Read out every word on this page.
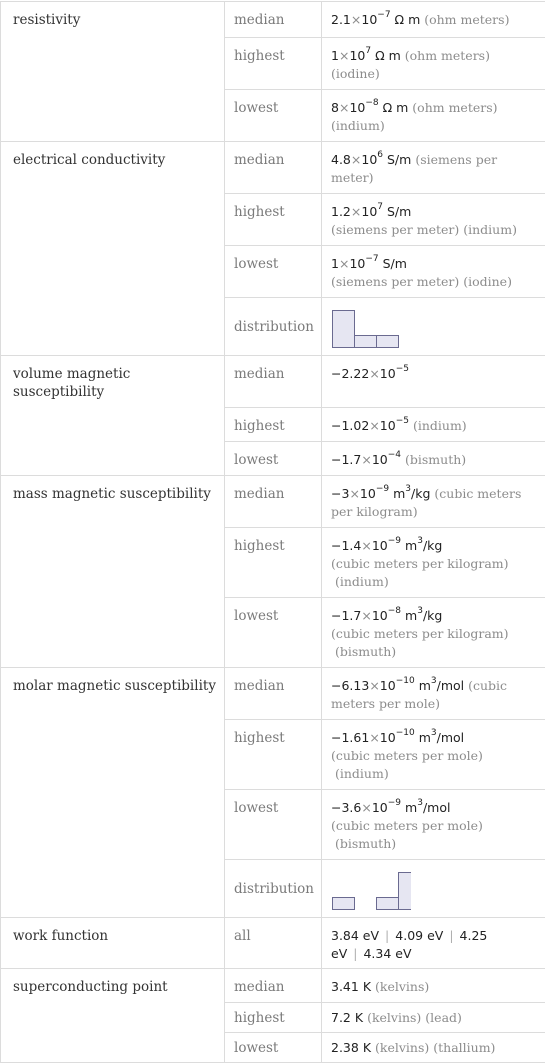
resistivity	median	$2.1\times 10^{-7}$ Ω m (ohm meters)
	highest	$1\times 10^7$ Ω m (ohm meters) (iodine)
	lowest	$8\times 10^{-8}$ Ω m (ohm meters) (indium)
electrical conductivity	median	$4.8\times 10^6$ S/m (siemens per meter)
	highest	$1.2\times 10^7$ S/m
(siemens per meter) (indium)
	lowest	$1\times 10^{-7}$ S/m
(siemens per meter) (iodine)
	distribution	

volume magnetic susceptibility	median	$-2.22\times 10^{-5}$
	highest	$-1.02\times 10^{-5}$ (indium)
	lowest	$-1.7\times 10^{-4}$ (bismuth)
mass magnetic susceptibility	median	$-3\times 10^{-9}$ $m^3/kg$ (cubic meters per kilogram)
	highest	$-1.4\times 10^{-9}$ $m^3/kg$
(cubic meters per kilogram)
(indium)
	lowest	$-1.7\times 10^{-8}$ $m^3/kg$
(cubic meters per kilogram)
(bismuth)
molar magnetic susceptibility	median	$-6.13\times 10^{-10}$ $m^3$/mol (cubic meters per mole)
	highest	$-1.61\times 10^{-10}$ $m^3$/mol
(cubic meters per mole)
(indium)
	lowest	$-3.6\times 10^{-9}$ $m^3$/mol
(cubic meters per mole)
(bismuth)
	distribution	

work function	all	3.84 eV | 4.09 eV | 4.25 eV | 4.34 eV
superconducting point	median	3.41 K (kelvins)
	highest	7.2 K (kelvins) (lead)
	lowest	2.38 K (kelvins) (thallium)
